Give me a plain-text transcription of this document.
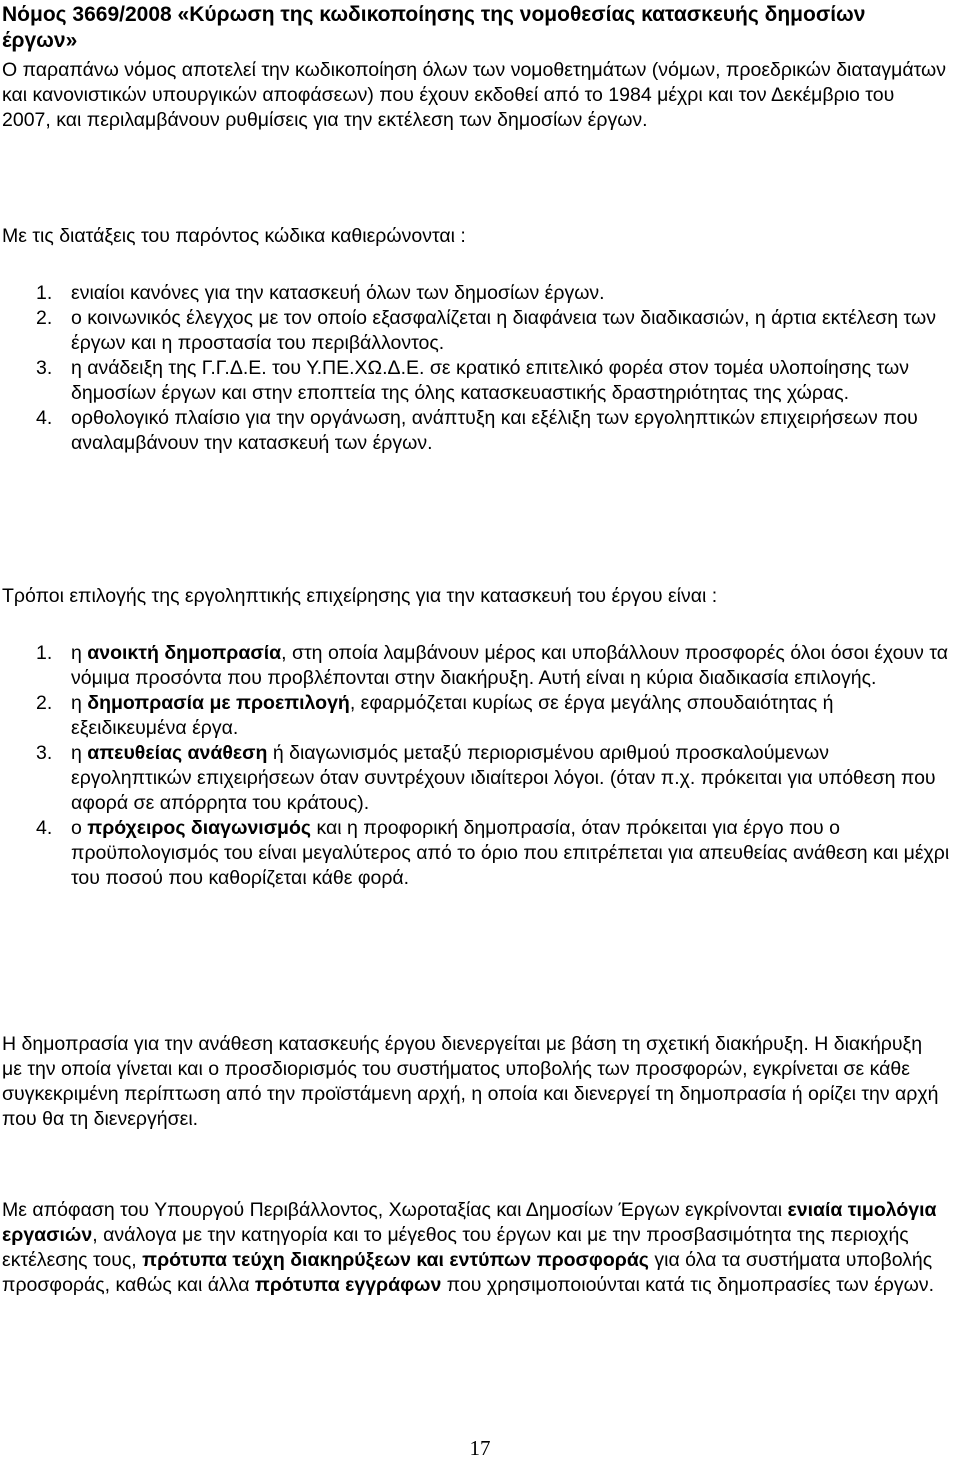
Νόμος 3669/2008 «Κύρωση της κωδικοποίησης της νομοθεσίας κατασκευής δημοσίων έργων»

Ο παραπάνω νόμος αποτελεί την κωδικοποίηση όλων των νομοθετημάτων (νόμων, προεδρικών διαταγμάτων και κανονιστικών υπουργικών αποφάσεων) που έχουν εκδοθεί από το 1984 μέχρι και τον Δεκέμβριο του 2007, και περιλαμβάνουν ρυθμίσεις για την εκτέλεση των δημοσίων έργων.

Με τις διατάξεις του παρόντος κώδικα καθιερώνονται :

1. ενιαίοι κανόνες για την κατασκευή όλων των δημοσίων έργων.
2. ο κοινωνικός έλεγχος με τον οποίο εξασφαλίζεται η διαφάνεια των διαδικασιών, η άρτια εκτέλεση των έργων και η προστασία του περιβάλλοντος.
3. η ανάδειξη της Γ.Γ.Δ.Ε. του Υ.ΠΕ.ΧΩ.Δ.Ε. σε κρατικό επιτελικό φορέα στον τομέα υλοποίησης των δημοσίων έργων και στην εποπτεία της όλης κατασκευαστικής δραστηριότητας της χώρας.
4. ορθολογικό πλαίσιο για την οργάνωση, ανάπτυξη και εξέλιξη των εργοληπτικών επιχειρήσεων που αναλαμβάνουν την κατασκευή των έργων.

Τρόποι επιλογής της εργοληπτικής επιχείρησης για την κατασκευή του έργου είναι :

1. η ανοικτή δημοπρασία, στη οποία λαμβάνουν μέρος και υποβάλλουν προσφορές όλοι όσοι έχουν τα νόμιμα προσόντα που προβλέπονται στην διακήρυξη. Αυτή είναι η κύρια διαδικασία επιλογής.
2. η δημοπρασία με προεπιλογή, εφαρμόζεται κυρίως σε έργα μεγάλης σπουδαιότητας ή εξειδικευμένα έργα.
3. η απευθείας ανάθεση ή διαγωνισμός μεταξύ περιορισμένου αριθμού προσκαλούμενων εργοληπτικών επιχειρήσεων όταν συντρέχουν ιδιαίτεροι λόγοι. (όταν π.χ. πρόκειται για υπόθεση που αφορά σε απόρρητα του κράτους).
4. ο πρόχειρος διαγωνισμός και η προφορική δημοπρασία, όταν πρόκειται για έργο που ο προϋπολογισμός του είναι μεγαλύτερος από το όριο που επιτρέπεται για απευθείας ανάθεση και μέχρι του ποσού που καθορίζεται κάθε φορά.

Η δημοπρασία για την ανάθεση κατασκευής έργου διενεργείται με βάση τη σχετική διακήρυξη. Η διακήρυξη με την οποία γίνεται και ο προσδιορισμός του συστήματος υποβολής των προσφορών, εγκρίνεται σε κάθε συγκεκριμένη περίπτωση από την προϊστάμενη αρχή, η οποία και διενεργεί τη δημοπρασία ή ορίζει την αρχή που θα τη διενεργήσει.

Με απόφαση του Υπουργού Περιβάλλοντος, Χωροταξίας και Δημοσίων Έργων εγκρίνονται ενιαία τιμολόγια εργασιών, ανάλογα με την κατηγορία και το μέγεθος του έργων και με την προσβασιμότητα της περιοχής εκτέλεσης τους, πρότυπα τεύχη διακηρύξεων και εντύπων προσφοράς για όλα τα συστήματα υποβολής προσφοράς, καθώς και άλλα πρότυπα εγγράφων που χρησιμοποιούνται κατά τις δημοπρασίες των έργων.

17
